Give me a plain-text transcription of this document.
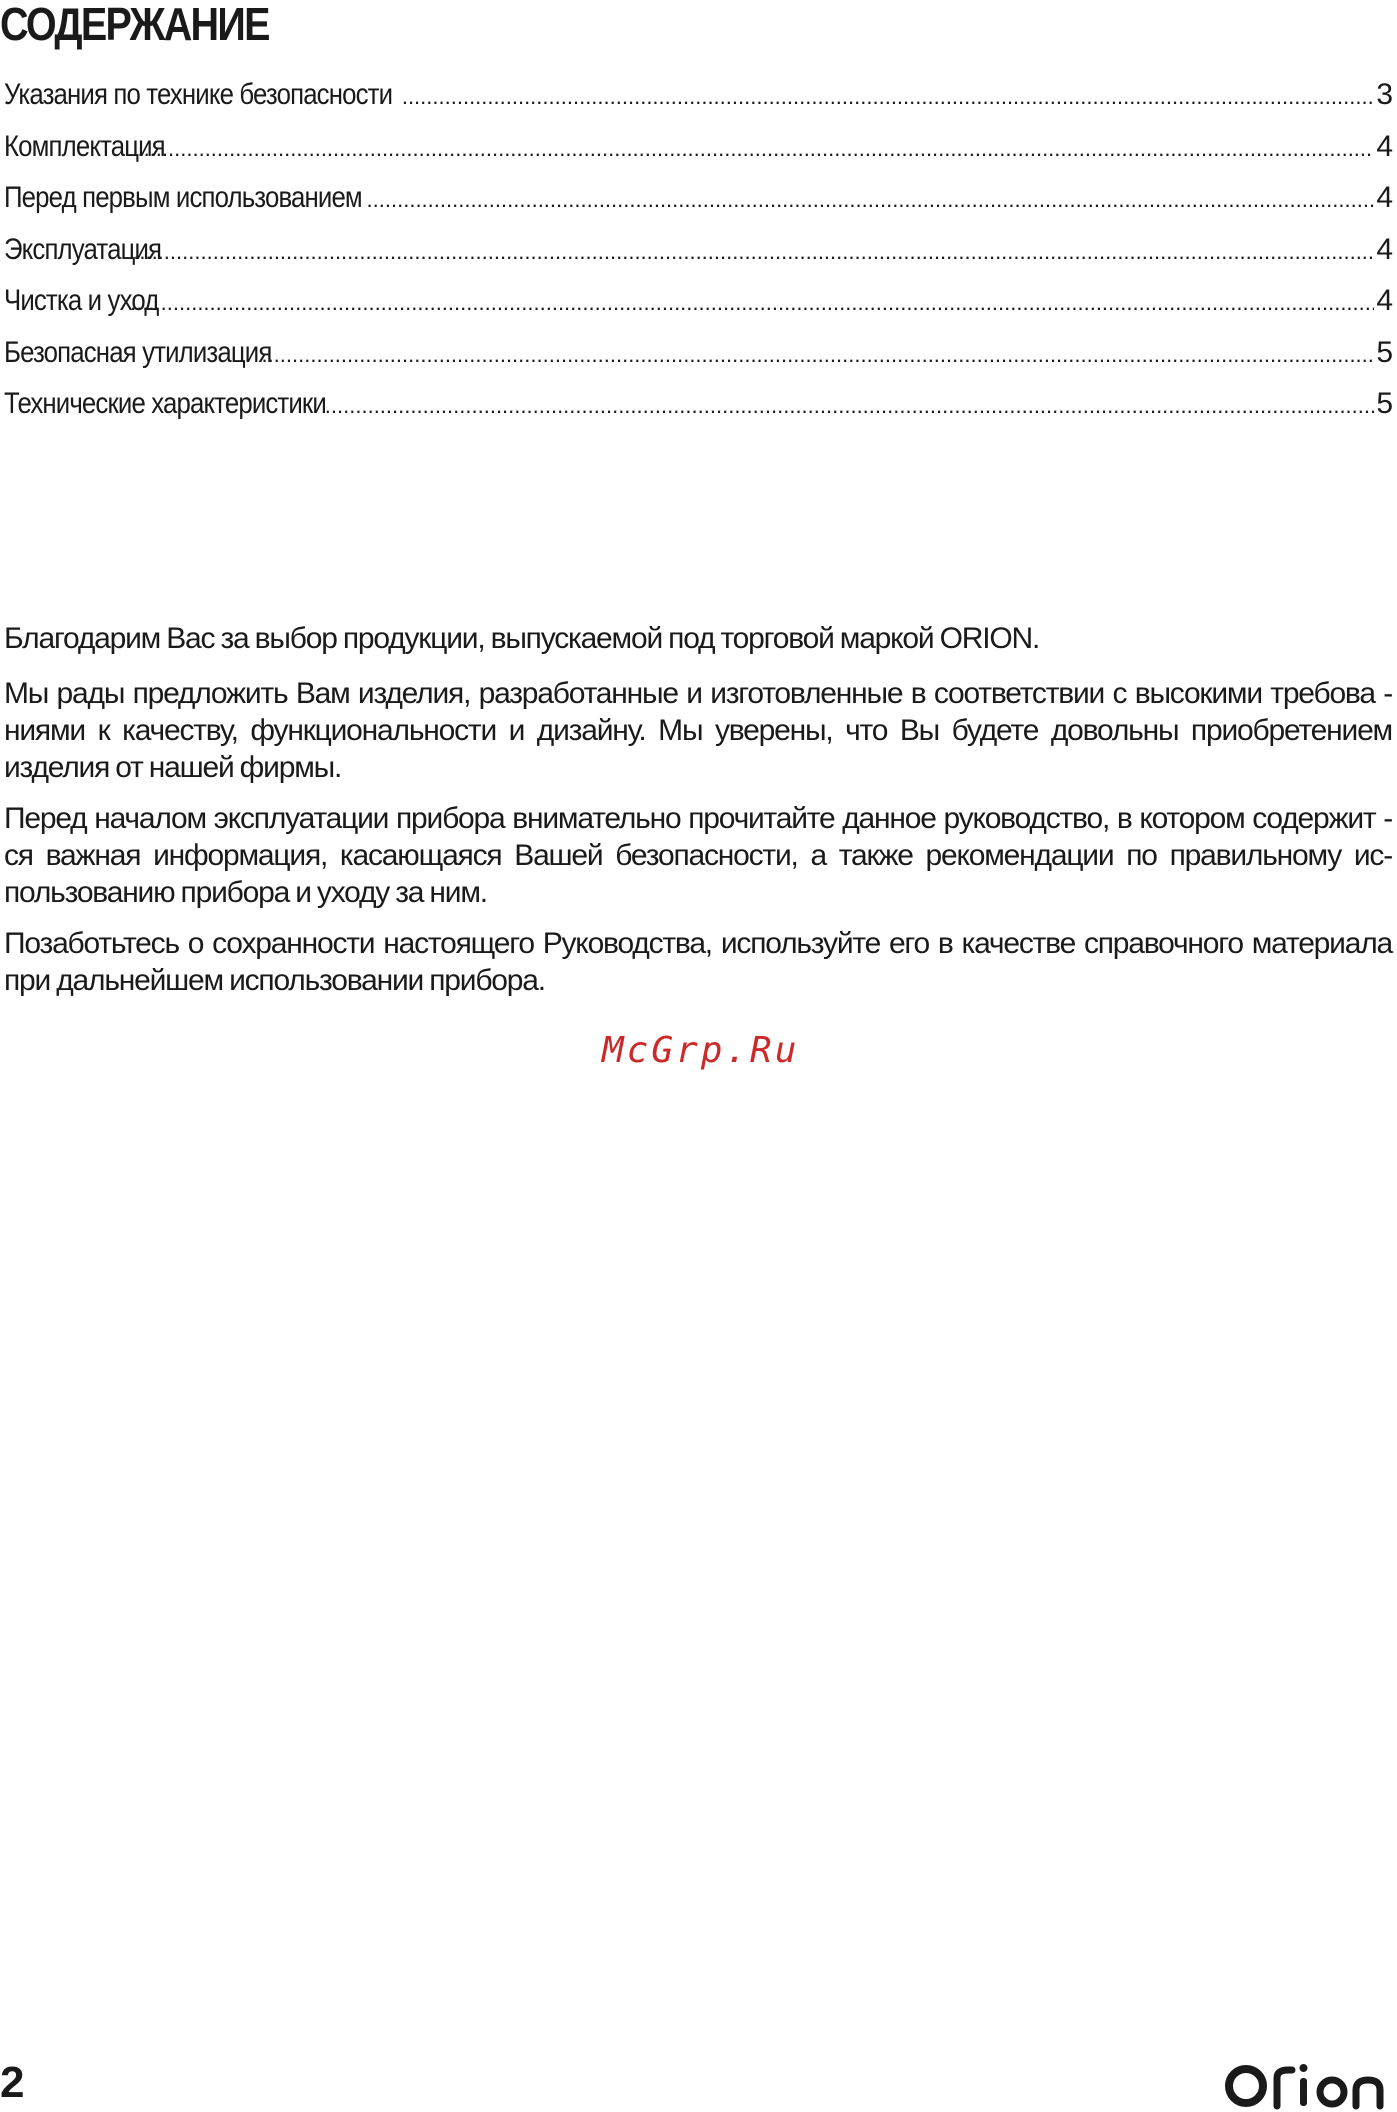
СОДЕРЖАНИЕ
Указания по технике безопасности .....	3
Комплектация .....	4
Перед первым использованием .....	4
Эксплуатация .....	4
Чистка и уход .....	4
Безопасная утилизация .....	5
Технические характеристики .....	5

Благодарим Вас за выбор продукции, выпускаемой под торговой маркой ORION.

Мы рады предложить Вам изделия, разработанные и изготовленные в соответствии с высокими требова - ниями к качеству, функциональности и дизайну. Мы уверены, что Вы будете довольны приобретением изделия от нашей фирмы.

Перед началом эксплуатации прибора внимательно прочитайте данное руководство, в котором содержит - ся важная информация, касающаяся Вашей безопасности, а также рекомендации по правильному ис- пользованию прибора и уходу за ним.

Позаботьтесь о сохранности настоящего Руководства, используйте его в качестве справочного материала при дальнейшем использовании прибора.

McGrp.Ru
2
